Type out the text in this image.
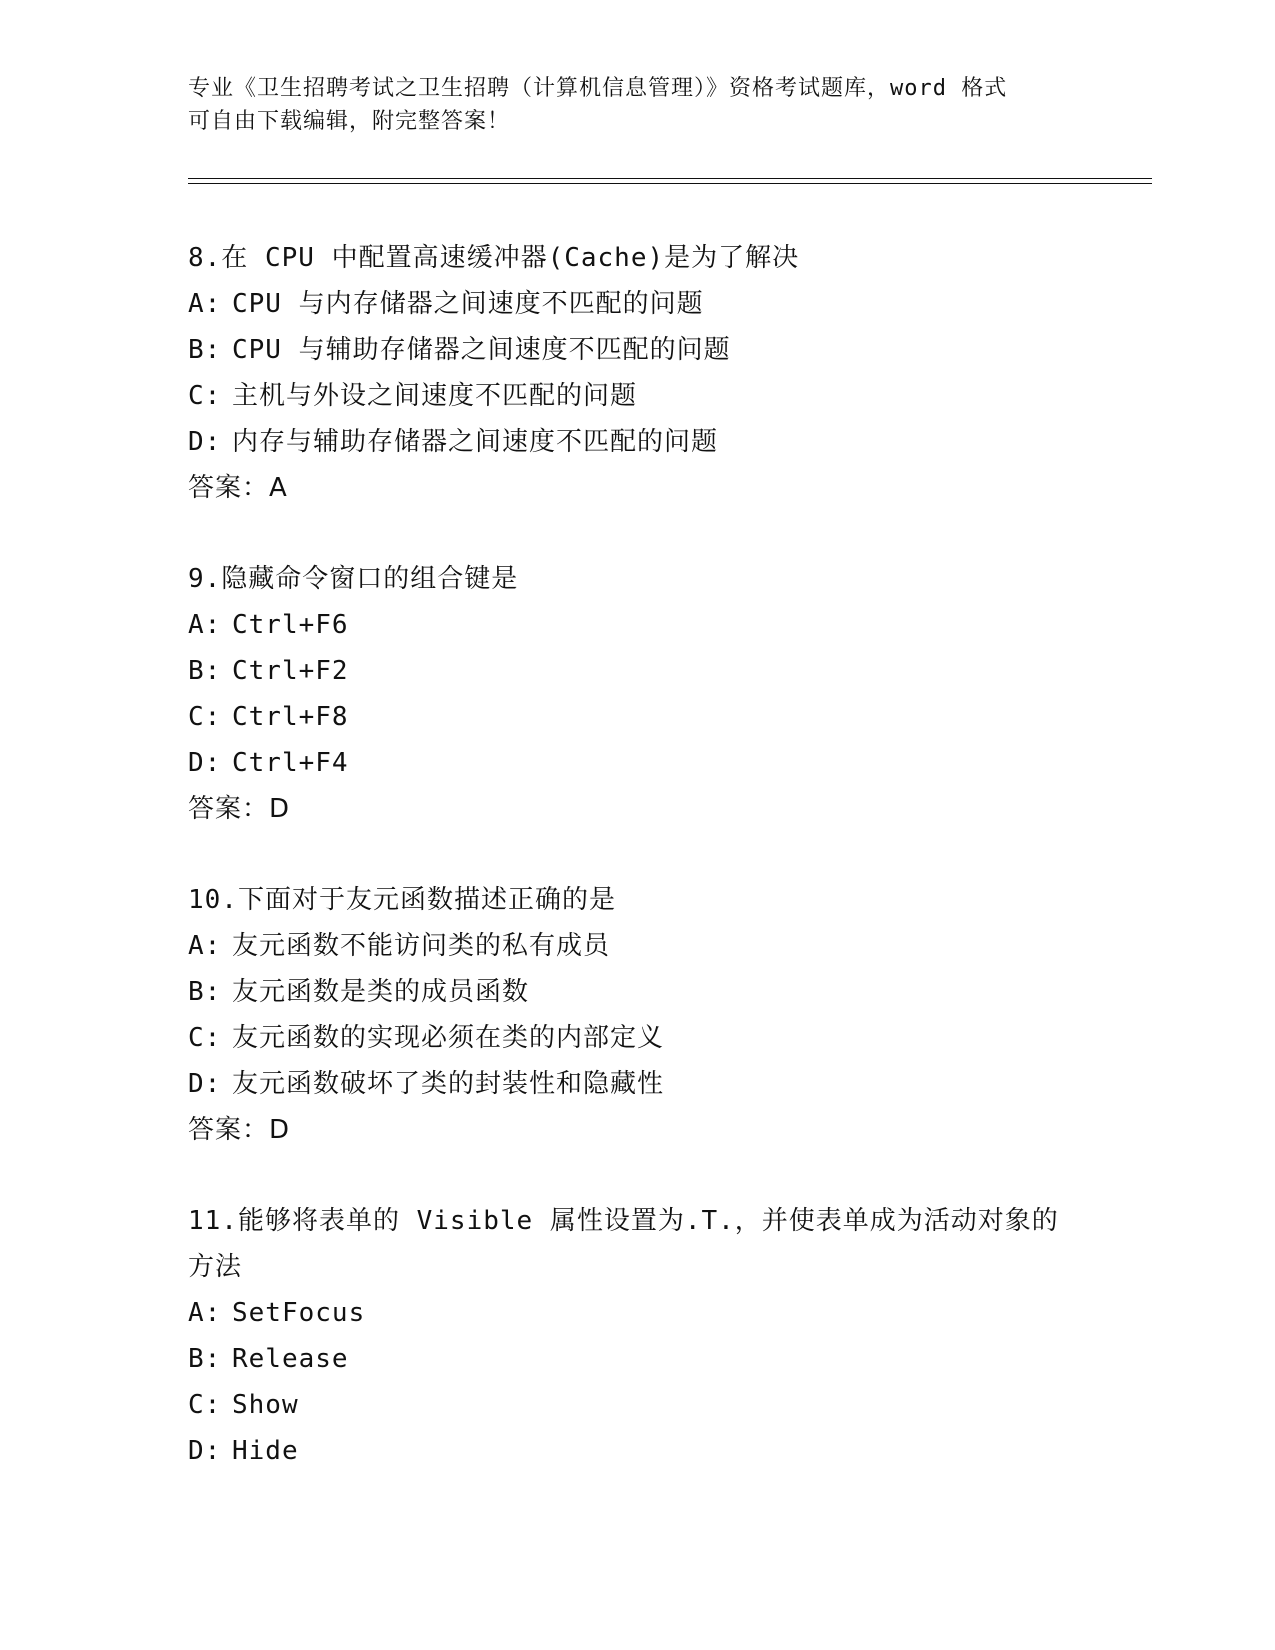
专业《卫生招聘考试之卫生招聘（计算机信息管理）》资格考试题库，word 格式
可自由下载编辑，附完整答案！
8.在 CPU 中配置高速缓冲器(Cache)是为了解决
A: CPU 与内存储器之间速度不匹配的问题
B: CPU 与辅助存储器之间速度不匹配的问题
C: 主机与外设之间速度不匹配的问题
D: 内存与辅助存储器之间速度不匹配的问题
答案：A
9.隐藏命令窗口的组合键是
A: Ctrl+F6
B: Ctrl+F2
C: Ctrl+F8
D: Ctrl+F4
答案：D
10.下面对于友元函数描述正确的是
A: 友元函数不能访问类的私有成员
B: 友元函数是类的成员函数
C: 友元函数的实现必须在类的内部定义
D: 友元函数破坏了类的封装性和隐藏性
答案：D
11.能够将表单的 Visible 属性设置为.T.，并使表单成为活动对象的方法
A: SetFocus
B: Release
C: Show
D: Hide
